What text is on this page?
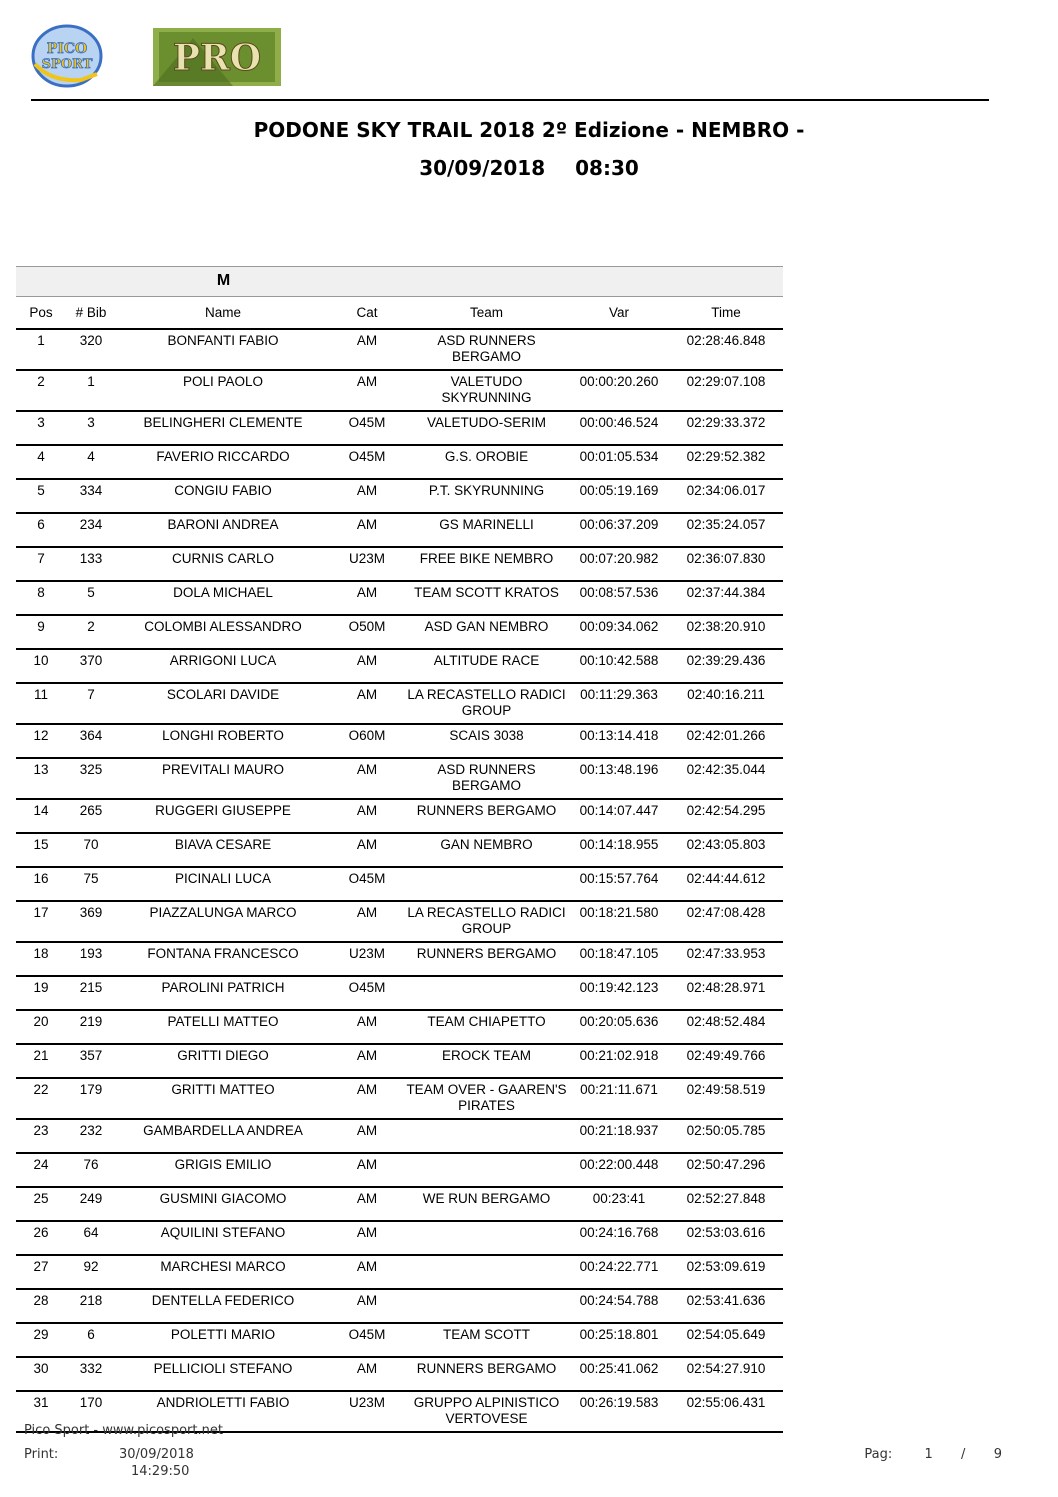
PICO
SPORT PRO
PODONE SKY TRAIL 2018 2º Edizione - NEMBRO -
30/09/2018 08:30
M
Pos	# Bib	Name	Cat	Team	Var	Time
1	320	BONFANTI FABIO	AM	ASD RUNNERS BERGAMO		02:28:46.848
2	1	POLI PAOLO	AM	VALETUDO SKYRUNNING	00:00:20.260	02:29:07.108
3	3	BELINGHERI CLEMENTE	O45M	VALETUDO-SERIM	00:00:46.524	02:29:33.372
4	4	FAVERIO RICCARDO	O45M	G.S. OROBIE	00:01:05.534	02:29:52.382
5	334	CONGIU FABIO	AM	P.T. SKYRUNNING	00:05:19.169	02:34:06.017
6	234	BARONI ANDREA	AM	GS MARINELLI	00:06:37.209	02:35:24.057
7	133	CURNIS CARLO	U23M	FREE BIKE NEMBRO	00:07:20.982	02:36:07.830
8	5	DOLA MICHAEL	AM	TEAM SCOTT KRATOS	00:08:57.536	02:37:44.384
9	2	COLOMBI ALESSANDRO	O50M	ASD GAN NEMBRO	00:09:34.062	02:38:20.910
10	370	ARRIGONI LUCA	AM	ALTITUDE RACE	00:10:42.588	02:39:29.436
11	7	SCOLARI DAVIDE	AM	LA RECASTELLO RADICI GROUP	00:11:29.363	02:40:16.211
12	364	LONGHI ROBERTO	O60M	SCAIS 3038	00:13:14.418	02:42:01.266
13	325	PREVITALI MAURO	AM	ASD RUNNERS BERGAMO	00:13:48.196	02:42:35.044
14	265	RUGGERI GIUSEPPE	AM	RUNNERS BERGAMO	00:14:07.447	02:42:54.295
15	70	BIAVA CESARE	AM	GAN NEMBRO	00:14:18.955	02:43:05.803
16	75	PICINALI LUCA	O45M		00:15:57.764	02:44:44.612
17	369	PIAZZALUNGA MARCO	AM	LA RECASTELLO RADICI GROUP	00:18:21.580	02:47:08.428
18	193	FONTANA FRANCESCO	U23M	RUNNERS BERGAMO	00:18:47.105	02:47:33.953
19	215	PAROLINI PATRICH	O45M		00:19:42.123	02:48:28.971
20	219	PATELLI MATTEO	AM	TEAM CHIAPETTO	00:20:05.636	02:48:52.484
21	357	GRITTI DIEGO	AM	EROCK TEAM	00:21:02.918	02:49:49.766
22	179	GRITTI MATTEO	AM	TEAM OVER - GAAREN'S PIRATES	00:21:11.671	02:49:58.519
23	232	GAMBARDELLA ANDREA	AM		00:21:18.937	02:50:05.785
24	76	GRIGIS EMILIO	AM		00:22:00.448	02:50:47.296
25	249	GUSMINI GIACOMO	AM	WE RUN BERGAMO	00:23:41	02:52:27.848
26	64	AQUILINI STEFANO	AM		00:24:16.768	02:53:03.616
27	92	MARCHESI MARCO	AM		00:24:22.771	02:53:09.619
28	218	DENTELLA FEDERICO	AM		00:24:54.788	02:53:41.636
29	6	POLETTI MARIO	O45M	TEAM SCOTT	00:25:18.801	02:54:05.649
30	332	PELLICIOLI STEFANO	AM	RUNNERS BERGAMO	00:25:41.062	02:54:27.910
31	170	ANDRIOLETTI FABIO	U23M	GRUPPO ALPINISTICO VERTOVESE	00:26:19.583	02:55:06.431
Pico Sport - www.picosport.net
Print:	30/09/2018
14:29:50
Pag: 1 / 9
